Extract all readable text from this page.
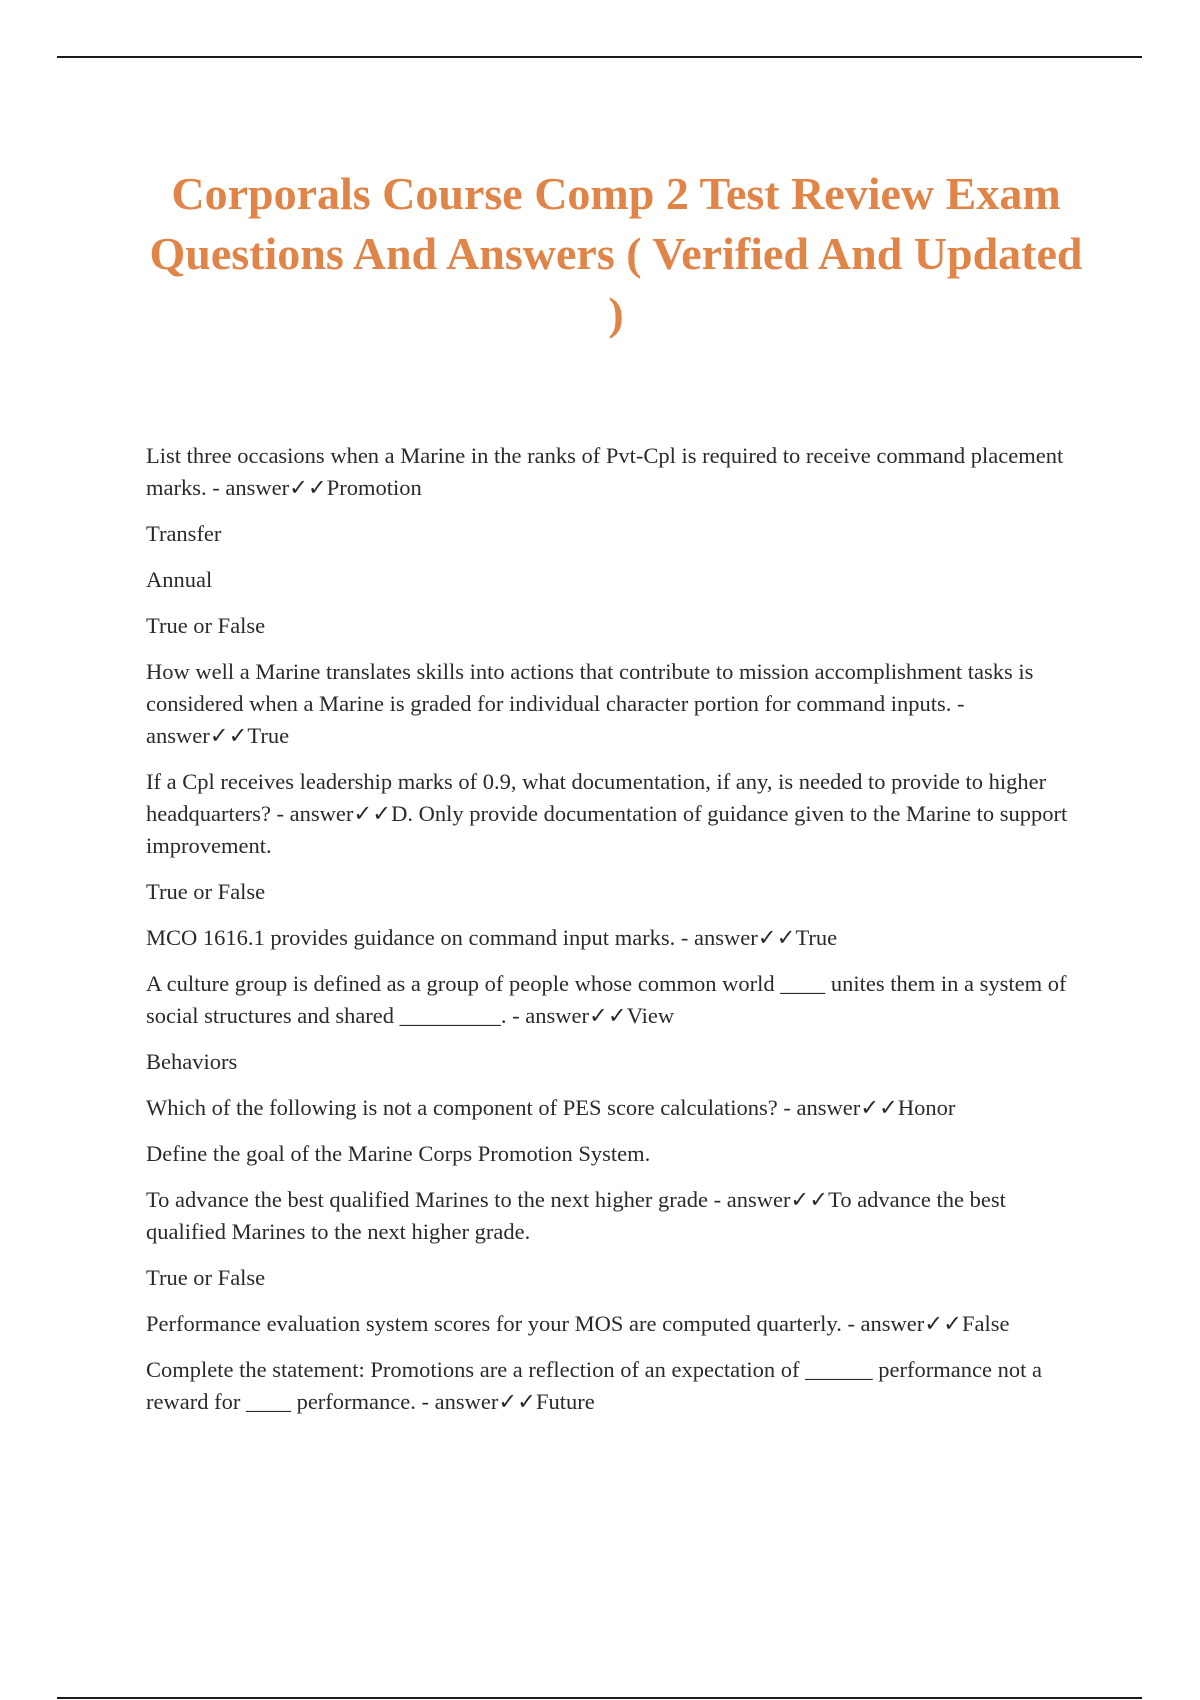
Corporals Course Comp 2 Test Review Exam Questions And Answers ( Verified And Updated )

List three occasions when a Marine in the ranks of Pvt-Cpl is required to receive command placement marks. - answer✓✓Promotion

Transfer

Annual

True or False

How well a Marine translates skills into actions that contribute to mission accomplishment tasks is considered when a Marine is graded for individual character portion for command inputs. - answer✓✓True

If a Cpl receives leadership marks of 0.9, what documentation, if any, is needed to provide to higher headquarters? - answer✓✓D. Only provide documentation of guidance given to the Marine to support improvement.

True or False

MCO 1616.1 provides guidance on command input marks. - answer✓✓True

A culture group is defined as a group of people whose common world ____ unites them in a system of social structures and shared _________. - answer✓✓View

Behaviors

Which of the following is not a component of PES score calculations? - answer✓✓Honor

Define the goal of the Marine Corps Promotion System.

To advance the best qualified Marines to the next higher grade - answer✓✓To advance the best qualified Marines to the next higher grade.

True or False

Performance evaluation system scores for your MOS are computed quarterly. - answer✓✓False

Complete the statement: Promotions are a reflection of an expectation of ______ performance not a reward for ____ performance. - answer✓✓Future
